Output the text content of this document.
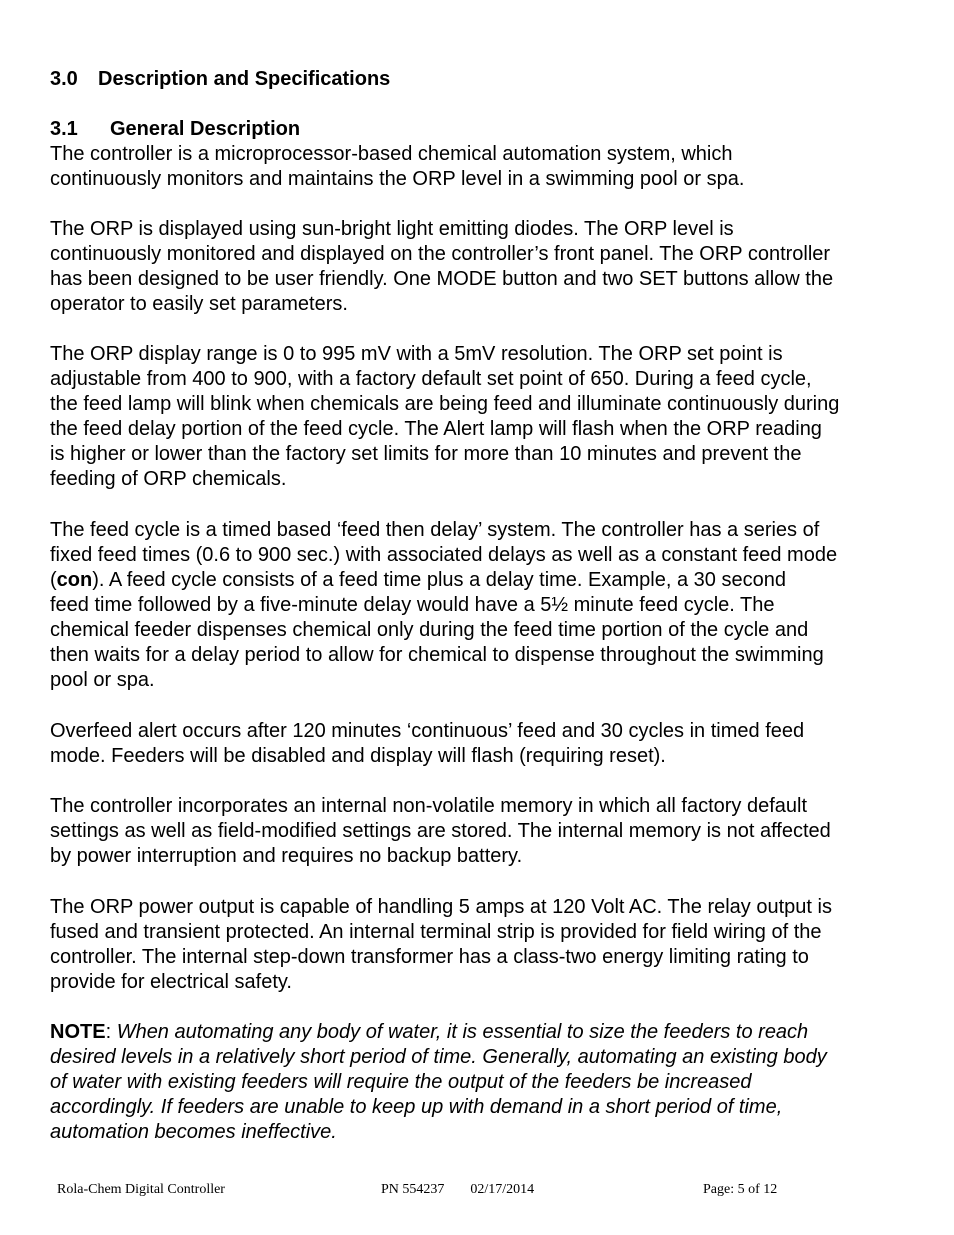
3.0 Description and Specifications
3.1 General Description
The controller is a microprocessor-based chemical automation system, which
continuously monitors and maintains the ORP level in a swimming pool or spa.
The ORP is displayed using sun-bright light emitting diodes. The ORP level is
continuously monitored and displayed on the controller’s front panel. The ORP controller
has been designed to be user friendly. One MODE button and two SET buttons allow the
operator to easily set parameters.
The ORP display range is 0 to 995 mV with a 5mV resolution. The ORP set point is
adjustable from 400 to 900, with a factory default set point of 650. During a feed cycle,
the feed lamp will blink when chemicals are being feed and illuminate continuously during
the feed delay portion of the feed cycle. The Alert lamp will flash when the ORP reading
is higher or lower than the factory set limits for more than 10 minutes and prevent the
feeding of ORP chemicals.
The feed cycle is a timed based ‘feed then delay’ system. The controller has a series of
fixed feed times (0.6 to 900 sec.) with associated delays as well as a constant feed mode
(con). A feed cycle consists of a feed time plus a delay time. Example, a 30 second
feed time followed by a five-minute delay would have a 5½ minute feed cycle. The
chemical feeder dispenses chemical only during the feed time portion of the cycle and
then waits for a delay period to allow for chemical to dispense throughout the swimming
pool or spa.
Overfeed alert occurs after 120 minutes ‘continuous’ feed and 30 cycles in timed feed
mode. Feeders will be disabled and display will flash (requiring reset).
The controller incorporates an internal non-volatile memory in which all factory default
settings as well as field-modified settings are stored. The internal memory is not affected
by power interruption and requires no backup battery.
The ORP power output is capable of handling 5 amps at 120 Volt AC. The relay output is
fused and transient protected. An internal terminal strip is provided for field wiring of the
controller. The internal step-down transformer has a class-two energy limiting rating to
provide for electrical safety.
NOTE: When automating any body of water, it is essential to size the feeders to reach
desired levels in a relatively short period of time. Generally, automating an existing body
of water with existing feeders will require the output of the feeders be increased
accordingly. If feeders are unable to keep up with demand in a short period of time,
automation becomes ineffective.
Rola-Chem Digital Controller	PN 554237 02/17/2014	Page: 5 of 12
